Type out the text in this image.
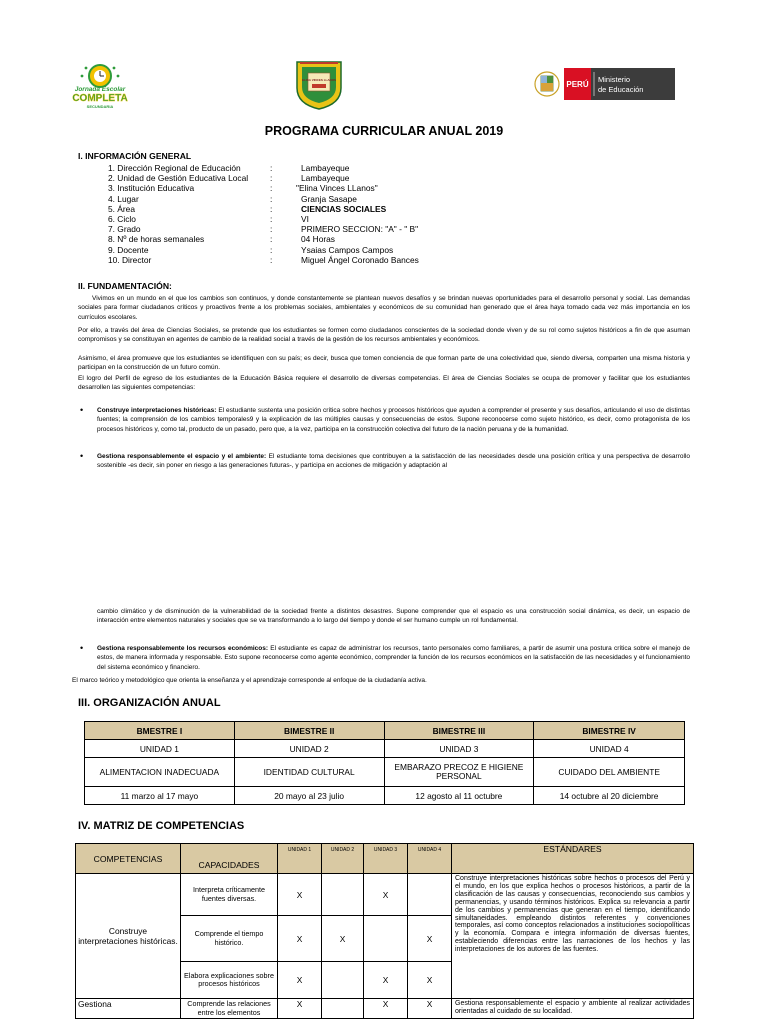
Jornada Escolar
COMPLETA
SECUNDARIA
ELINA VINCES LLANOS	PERÚ
Ministerio
de Educación
PROGRAMA CURRICULAR ANUAL 2019
I. INFORMACIÓN GENERAL
1. Dirección Regional de Educación	:	Lambayeque
2. Unidad de Gestión Educativa Local	:	Lambayeque
3. Institución Educativa	:	"Elina Vinces LLanos"
4. Lugar	:	Granja Sasape
5. Área	:	CIENCIAS SOCIALES
6. Ciclo	:	VI
7. Grado	:	PRIMERO SECCION: "A" - " B"
8. Nº de horas semanales	:	04 Horas
9. Docente	:	Ysaias Campos Campos
10. Director	:	Miguel Ángel Coronado Bances
II. FUNDAMENTACIÓN:
Vivimos en un mundo en el que los cambios son continuos, y donde constantemente se plantean nuevos desafíos y se brindan nuevas oportunidades para el desarrollo personal y social. Las demandas sociales para formar ciudadanos críticos y proactivos frente a los problemas sociales, ambientales y económicos de su comunidad han generado que el área haya tomado cada vez más importancia en los currículos escolares.
Por ello, a través del área de Ciencias Sociales, se pretende que los estudiantes se formen como ciudadanos conscientes de la sociedad donde viven y de su rol como sujetos históricos a fin de que asuman compromisos y se constituyan en agentes de cambio de la realidad social a través de la gestión de los recursos ambientales y económicos.
Asimismo, el área promueve que los estudiantes se identifiquen con su país; es decir, busca que tomen conciencia de que forman parte de una colectividad que, siendo diversa, comparten una misma historia y participan en la construcción de un futuro común.
El logro del Perfil de egreso de los estudiantes de la Educación Básica requiere el desarrollo de diversas competencias. El área de Ciencias Sociales se ocupa de promover y facilitar que los estudiantes desarrollen las siguientes competencias:
• Construye interpretaciones históricas: El estudiante sustenta una posición crítica sobre hechos y procesos históricos que ayuden a comprender el presente y sus desafíos, articulando el uso de distintas fuentes; la comprensión de los cambios temporales9 y la explicación de las múltiples causas y consecuencias de estos. Supone reconocerse como sujeto histórico, es decir, como protagonista de los procesos históricos y, como tal, producto de un pasado, pero que, a la vez, participa en la construcción colectiva del futuro de la nación peruana y de la humanidad.
• Gestiona responsablemente el espacio y el ambiente: El estudiante toma decisiones que contribuyen a la satisfacción de las necesidades desde una posición crítica y una perspectiva de desarrollo sostenible -es decir, sin poner en riesgo a las generaciones futuras-, y participa en acciones de mitigación y adaptación al
cambio climático y de disminución de la vulnerabilidad de la sociedad frente a distintos desastres. Supone comprender que el espacio es una construcción social dinámica, es decir, un espacio de interacción entre elementos naturales y sociales que se va transformando a lo largo del tiempo y donde el ser humano cumple un rol fundamental.
• Gestiona responsablemente los recursos económicos: El estudiante es capaz de administrar los recursos, tanto personales como familiares, a partir de asumir una postura crítica sobre el manejo de estos, de manera informada y responsable. Esto supone reconocerse como agente económico, comprender la función de los recursos económicos en la satisfacción de las necesidades y el funcionamiento del sistema económico y financiero.
El marco teórico y metodológico que orienta la enseñanza y el aprendizaje corresponde al enfoque de la ciudadanía activa.
III. ORGANIZACIÓN ANUAL
BMESTRE I	BIMESTRE II	BIMESTRE III	BIMESTRE IV
UNIDAD 1	UNIDAD 2	UNIDAD 3	UNIDAD 4
ALIMENTACION INADECUADA	IDENTIDAD CULTURAL	EMBARAZO PRECOZ E HIGIENE PERSONAL	CUIDADO DEL AMBIENTE
11 marzo al 17 mayo	20 mayo al 23 julio	12 agosto al 11 octubre	14 octubre al 20 diciembre
IV. MATRIZ DE COMPETENCIAS
COMPETENCIAS	CAPACIDADES	UNIDAD 1	UNIDAD 2	UNIDAD 3	UNIDAD 4	ESTÁNDARES
Construye interpretaciones históricas.	Interpreta críticamente fuentes diversas.	X		X		Construye interpretaciones históricas sobre hechos o procesos del Perú y el mundo, en los que explica hechos o procesos históricos, a partir de la clasificación de las causas y consecuencias, reconociendo sus cambios y permanencias, y usando términos históricos. Explica su relevancia a partir de los cambios y permanencias que generan en el tiempo, identificando simultaneidades. empleando distintos referentes y convenciones temporales, así como conceptos relacionados a instituciones sociopolíticas y la economía. Compara e integra información de diversas fuentes, estableciendo diferencias entre las narraciones de los hechos y las interpretaciones de los autores de las fuentes.
	Comprende el tiempo histórico.	X	X		X	
	Elabora explicaciones sobre procesos históricos	X		X	X	
Gestiona	Comprende las relaciones entre los elementos	X		X	X	Gestiona responsablemente el espacio y ambiente al realizar actividades orientadas al cuidado de su localidad.
